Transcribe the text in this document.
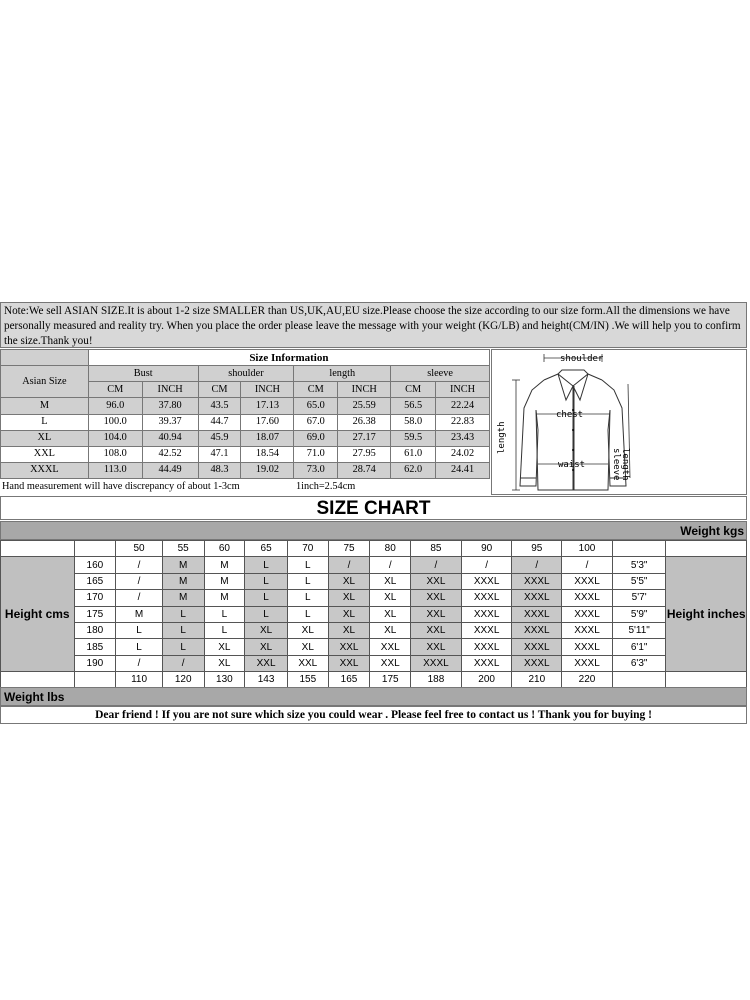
Note:We sell ASIAN SIZE.It is about 1-2 size SMALLER than US,UK,AU,EU size.Please choose the size according to our size form.All the dimensions we have personally measured and reality try. When you place the order please leave the message with your weight (KG/LB) and height(CM/IN) .We will help you to confirm the size.Thank you!
	Size Information							
Asian Size	Bust		shoulder		length		sleeve	
	CM	INCH	CM	INCH	CM	INCH	CM	INCH
M	96.0	37.80	43.5	17.13	65.0	25.59	56.5	22.24
L	100.0	39.37	44.7	17.60	67.0	26.38	58.0	22.83
XL	104.0	40.94	45.9	18.07	69.0	27.17	59.5	23.43
XXL	108.0	42.52	47.1	18.54	71.0	27.95	61.0	24.02
XXXL	113.0	44.49	48.3	19.02	73.0	28.74	62.0	24.41
Hand measurement will have discrepancy of about 1-3cm	1inch=2.54cm
shoulder
chest
waist
length
sleeve length
SIZE CHART
Weight kgs
		50	55	60	65	70	75	80	85	90	95	100		
Height cms	160	/	M	M	L	L	/	/	/	/	/	/	5'3"	Height inches
	165	/	M	M	L	L	XL	XL	XXL	XXXL	XXXL	XXXL	5'5"	
	170	/	M	M	L	L	XL	XL	XXL	XXXL	XXXL	XXXL	5'7'	
	175	M	L	L	L	L	XL	XL	XXL	XXXL	XXXL	XXXL	5'9"	
	180	L	L	L	XL	XL	XL	XL	XXL	XXXL	XXXL	XXXL	5'11"	
	185	L	L	XL	XL	XL	XXL	XXL	XXL	XXXL	XXXL	XXXL	6'1"	
	190	/	/	XL	XXL	XXL	XXL	XXL	XXXL	XXXL	XXXL	XXXL	6'3"	
		110	120	130	143	155	165	175	188	200	210	220		
Weight lbs
Dear friend ! If you are not sure which size you could wear . Please feel free to contact us ! Thank you for buying !
